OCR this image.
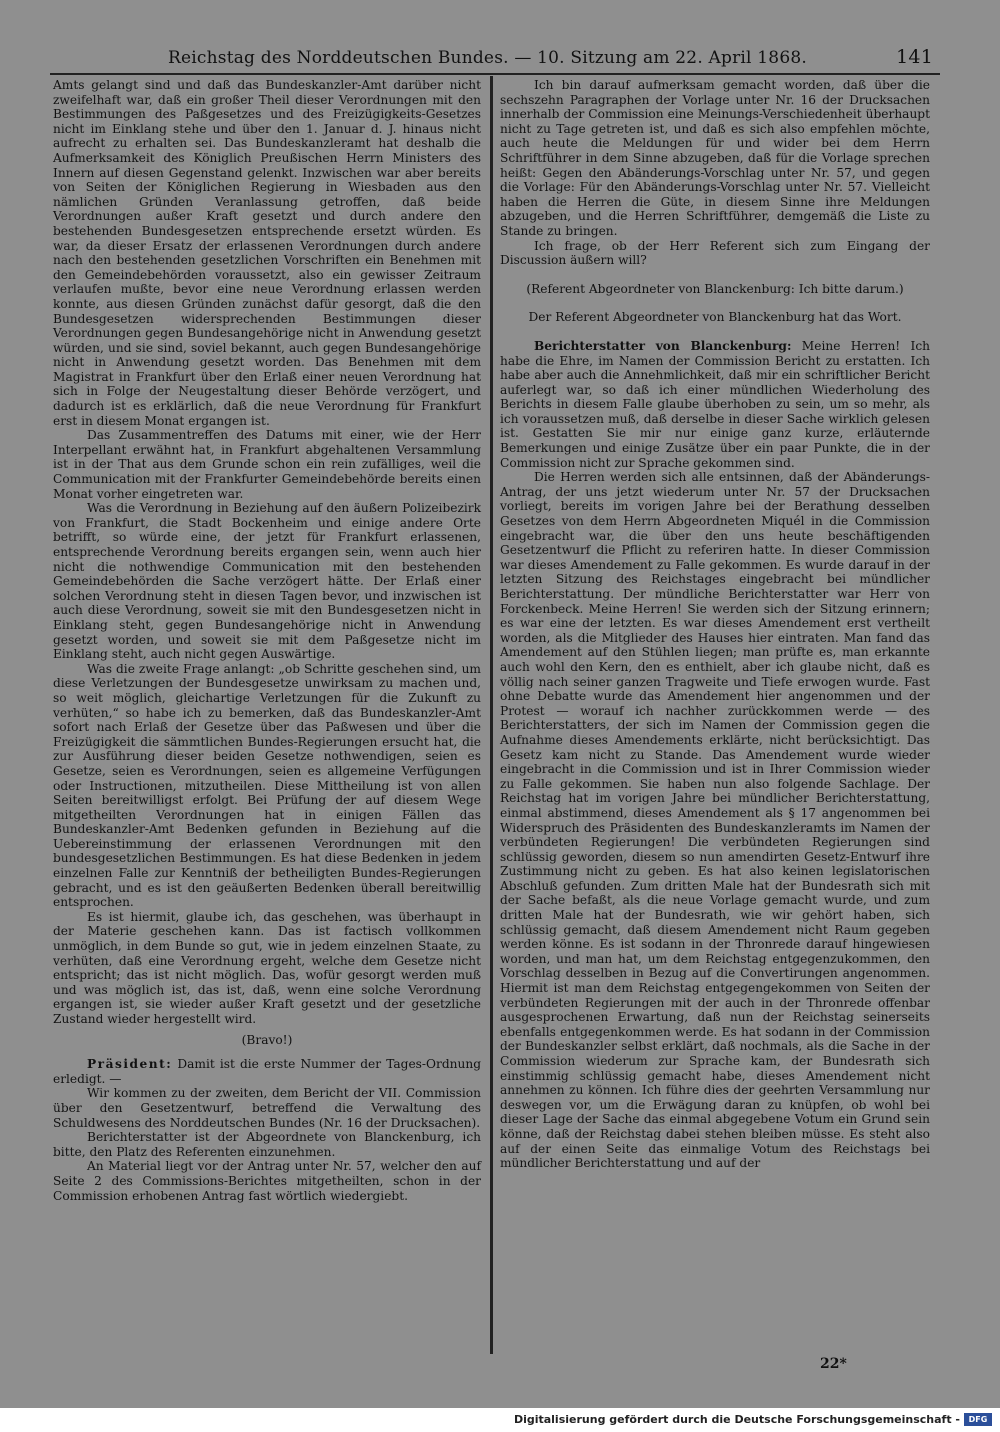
Reichstag des Norddeutschen Bundes. — 10. Sitzung am 22. April 1868.	141

Amts gelangt sind und daß das Bundeskanzler-Amt darüber nicht zweifelhaft war, daß ein großer Theil dieser Verordnungen mit den Bestimmungen des Paßgesetzes und des Freizügigkeits-Gesetzes nicht im Einklang stehe und über den 1. Januar d. J. hinaus nicht aufrecht zu erhalten sei. Das Bundeskanzleramt hat deshalb die Aufmerksamkeit des Königlich Preußischen Herrn Ministers des Innern auf diesen Gegenstand gelenkt. Inzwischen war aber bereits von Seiten der Königlichen Regierung in Wiesbaden aus den nämlichen Gründen Veranlassung getroffen, daß beide Verordnungen außer Kraft gesetzt und durch andere den bestehenden Bundesgesetzen entsprechende ersetzt würden. Es war, da dieser Ersatz der erlassenen Verordnungen durch andere nach den bestehenden gesetzlichen Vorschriften ein Benehmen mit den Gemeindebehörden voraussetzt, also ein gewisser Zeitraum verlaufen mußte, bevor eine neue Verordnung erlassen werden konnte, aus diesen Gründen zunächst dafür gesorgt, daß die den Bundesgesetzen widersprechenden Bestimmungen dieser Verordnungen gegen Bundesangehörige nicht in Anwendung gesetzt würden, und sie sind, soviel bekannt, auch gegen Bundesangehörige nicht in Anwendung gesetzt worden. Das Benehmen mit dem Magistrat in Frankfurt über den Erlaß einer neuen Verordnung hat sich in Folge der Neugestaltung dieser Behörde verzögert, und dadurch ist es erklärlich, daß die neue Verordnung für Frankfurt erst in diesem Monat ergangen ist.

Das Zusammentreffen des Datums mit einer, wie der Herr Interpellant erwähnt hat, in Frankfurt abgehaltenen Versammlung ist in der That aus dem Grunde schon ein rein zufälliges, weil die Communication mit der Frankfurter Gemeindebehörde bereits einen Monat vorher eingetreten war.

Was die Verordnung in Beziehung auf den äußern Polizeibezirk von Frankfurt, die Stadt Bockenheim und einige andere Orte betrifft, so würde eine, der jetzt für Frankfurt erlassenen, entsprechende Verordnung bereits ergangen sein, wenn auch hier nicht die nothwendige Communication mit den bestehenden Gemeindebehörden die Sache verzögert hätte. Der Erlaß einer solchen Verordnung steht in diesen Tagen bevor, und inzwischen ist auch diese Verordnung, soweit sie mit den Bundesgesetzen nicht in Einklang steht, gegen Bundesangehörige nicht in Anwendung gesetzt worden, und soweit sie mit dem Paßgesetze nicht im Einklang steht, auch nicht gegen Auswärtige.

Was die zweite Frage anlangt: „ob Schritte geschehen sind, um diese Verletzungen der Bundesgesetze unwirksam zu machen und, so weit möglich, gleichartige Verletzungen für die Zukunft zu verhüten,“ so habe ich zu bemerken, daß das Bundeskanzler-Amt sofort nach Erlaß der Gesetze über das Paßwesen und über die Freizügigkeit die sämmtlichen Bundes-Regierungen ersucht hat, die zur Ausführung dieser beiden Gesetze nothwendigen, seien es Gesetze, seien es Verordnungen, seien es allgemeine Verfügungen oder Instructionen, mitzutheilen. Diese Mittheilung ist von allen Seiten bereitwilligst erfolgt. Bei Prüfung der auf diesem Wege mitgetheilten Verordnungen hat in einigen Fällen das Bundeskanzler-Amt Bedenken gefunden in Beziehung auf die Uebereinstimmung der erlassenen Verordnungen mit den bundesgesetzlichen Bestimmungen. Es hat diese Bedenken in jedem einzelnen Falle zur Kenntniß der betheiligten Bundes-Regierungen gebracht, und es ist den geäußerten Bedenken überall bereitwillig entsprochen.

Es ist hiermit, glaube ich, das geschehen, was überhaupt in der Materie geschehen kann. Das ist factisch vollkommen unmöglich, in dem Bunde so gut, wie in jedem einzelnen Staate, zu verhüten, daß eine Verordnung ergeht, welche dem Gesetze nicht entspricht; das ist nicht möglich. Das, wofür gesorgt werden muß und was möglich ist, das ist, daß, wenn eine solche Verordnung ergangen ist, sie wieder außer Kraft gesetzt und der gesetzliche Zustand wieder hergestellt wird.

(Bravo!)

Präsident: Damit ist die erste Nummer der Tages-Ordnung erledigt. —

Wir kommen zu der zweiten, dem Bericht der VII. Commission über den Gesetzentwurf, betreffend die Verwaltung des Schuldwesens des Norddeutschen Bundes (Nr. 16 der Drucksachen).

Berichterstatter ist der Abgeordnete von Blanckenburg, ich bitte, den Platz des Referenten einzunehmen.

An Material liegt vor der Antrag unter Nr. 57, welcher den auf Seite 2 des Commissions-Berichtes mitgetheilten, schon in der Commission erhobenen Antrag fast wörtlich wiedergiebt.

Ich bin darauf aufmerksam gemacht worden, daß über die sechszehn Paragraphen der Vorlage unter Nr. 16 der Drucksachen innerhalb der Commission eine Meinungs-Verschiedenheit überhaupt nicht zu Tage getreten ist, und daß es sich also empfehlen möchte, auch heute die Meldungen für und wider bei dem Herrn Schriftführer in dem Sinne abzugeben, daß für die Vorlage sprechen heißt: Gegen den Abänderungs-Vorschlag unter Nr. 57, und gegen die Vorlage: Für den Abänderungs-Vorschlag unter Nr. 57. Vielleicht haben die Herren die Güte, in diesem Sinne ihre Meldungen abzugeben, und die Herren Schriftführer, demgemäß die Liste zu Stande zu bringen.

Ich frage, ob der Herr Referent sich zum Eingang der Discussion äußern will?

(Referent Abgeordneter von Blanckenburg: Ich bitte darum.)

Der Referent Abgeordneter von Blanckenburg hat das Wort.

Berichterstatter von Blanckenburg: Meine Herren! Ich habe die Ehre, im Namen der Commission Bericht zu erstatten. Ich habe aber auch die Annehmlichkeit, daß mir ein schriftlicher Bericht auferlegt war, so daß ich einer mündlichen Wiederholung des Berichts in diesem Falle glaube überhoben zu sein, um so mehr, als ich voraussetzen muß, daß derselbe in dieser Sache wirklich gelesen ist. Gestatten Sie mir nur einige ganz kurze, erläuternde Bemerkungen und einige Zusätze über ein paar Punkte, die in der Commission nicht zur Sprache gekommen sind.

Die Herren werden sich alle entsinnen, daß der Abänderungs-Antrag, der uns jetzt wiederum unter Nr. 57 der Drucksachen vorliegt, bereits im vorigen Jahre bei der Berathung desselben Gesetzes von dem Herrn Abgeordneten Miquél in die Commission eingebracht war, die über den uns heute beschäftigenden Gesetzentwurf die Pflicht zu referiren hatte. In dieser Commission war dieses Amendement zu Falle gekommen. Es wurde darauf in der letzten Sitzung des Reichstages eingebracht bei mündlicher Berichterstattung. Der mündliche Berichterstatter war Herr von Forckenbeck. Meine Herren! Sie werden sich der Sitzung erinnern; es war eine der letzten. Es war dieses Amendement erst vertheilt worden, als die Mitglieder des Hauses hier eintraten. Man fand das Amendement auf den Stühlen liegen; man prüfte es, man erkannte auch wohl den Kern, den es enthielt, aber ich glaube nicht, daß es völlig nach seiner ganzen Tragweite und Tiefe erwogen wurde. Fast ohne Debatte wurde das Amendement hier angenommen und der Protest — worauf ich nachher zurückkommen werde — des Berichterstatters, der sich im Namen der Commission gegen die Aufnahme dieses Amendements erklärte, nicht berücksichtigt. Das Gesetz kam nicht zu Stande. Das Amendement wurde wieder eingebracht in die Commission und ist in Ihrer Commission wieder zu Falle gekommen. Sie haben nun also folgende Sachlage. Der Reichstag hat im vorigen Jahre bei mündlicher Berichterstattung, einmal abstimmend, dieses Amendement als § 17 angenommen bei Widerspruch des Präsidenten des Bundeskanzleramts im Namen der verbündeten Regierungen! Die verbündeten Regierungen sind schlüssig geworden, diesem so nun amendirten Gesetz-Entwurf ihre Zustimmung nicht zu geben. Es hat also keinen legislatorischen Abschluß gefunden. Zum dritten Male hat der Bundesrath sich mit der Sache befaßt, als die neue Vorlage gemacht wurde, und zum dritten Male hat der Bundesrath, wie wir gehört haben, sich schlüssig gemacht, daß diesem Amendement nicht Raum gegeben werden könne. Es ist sodann in der Thronrede darauf hingewiesen worden, und man hat, um dem Reichstag entgegenzukommen, den Vorschlag desselben in Bezug auf die Convertirungen angenommen. Hiermit ist man dem Reichstag entgegengekommen von Seiten der verbündeten Regierungen mit der auch in der Thronrede offenbar ausgesprochenen Erwartung, daß nun der Reichstag seinerseits ebenfalls entgegenkommen werde. Es hat sodann in der Commission der Bundeskanzler selbst erklärt, daß nochmals, als die Sache in der Commission wiederum zur Sprache kam, der Bundesrath sich einstimmig schlüssig gemacht habe, dieses Amendement nicht annehmen zu können. Ich führe dies der geehrten Versammlung nur deswegen vor, um die Erwägung daran zu knüpfen, ob wohl bei dieser Lage der Sache das einmal abgegebene Votum ein Grund sein könne, daß der Reichstag dabei stehen bleiben müsse. Es steht also auf der einen Seite das einmalige Votum des Reichstags bei mündlicher Berichterstattung und auf der

22*
Digitalisierung gefördert durch die Deutsche Forschungsgemeinschaft -	DFG
